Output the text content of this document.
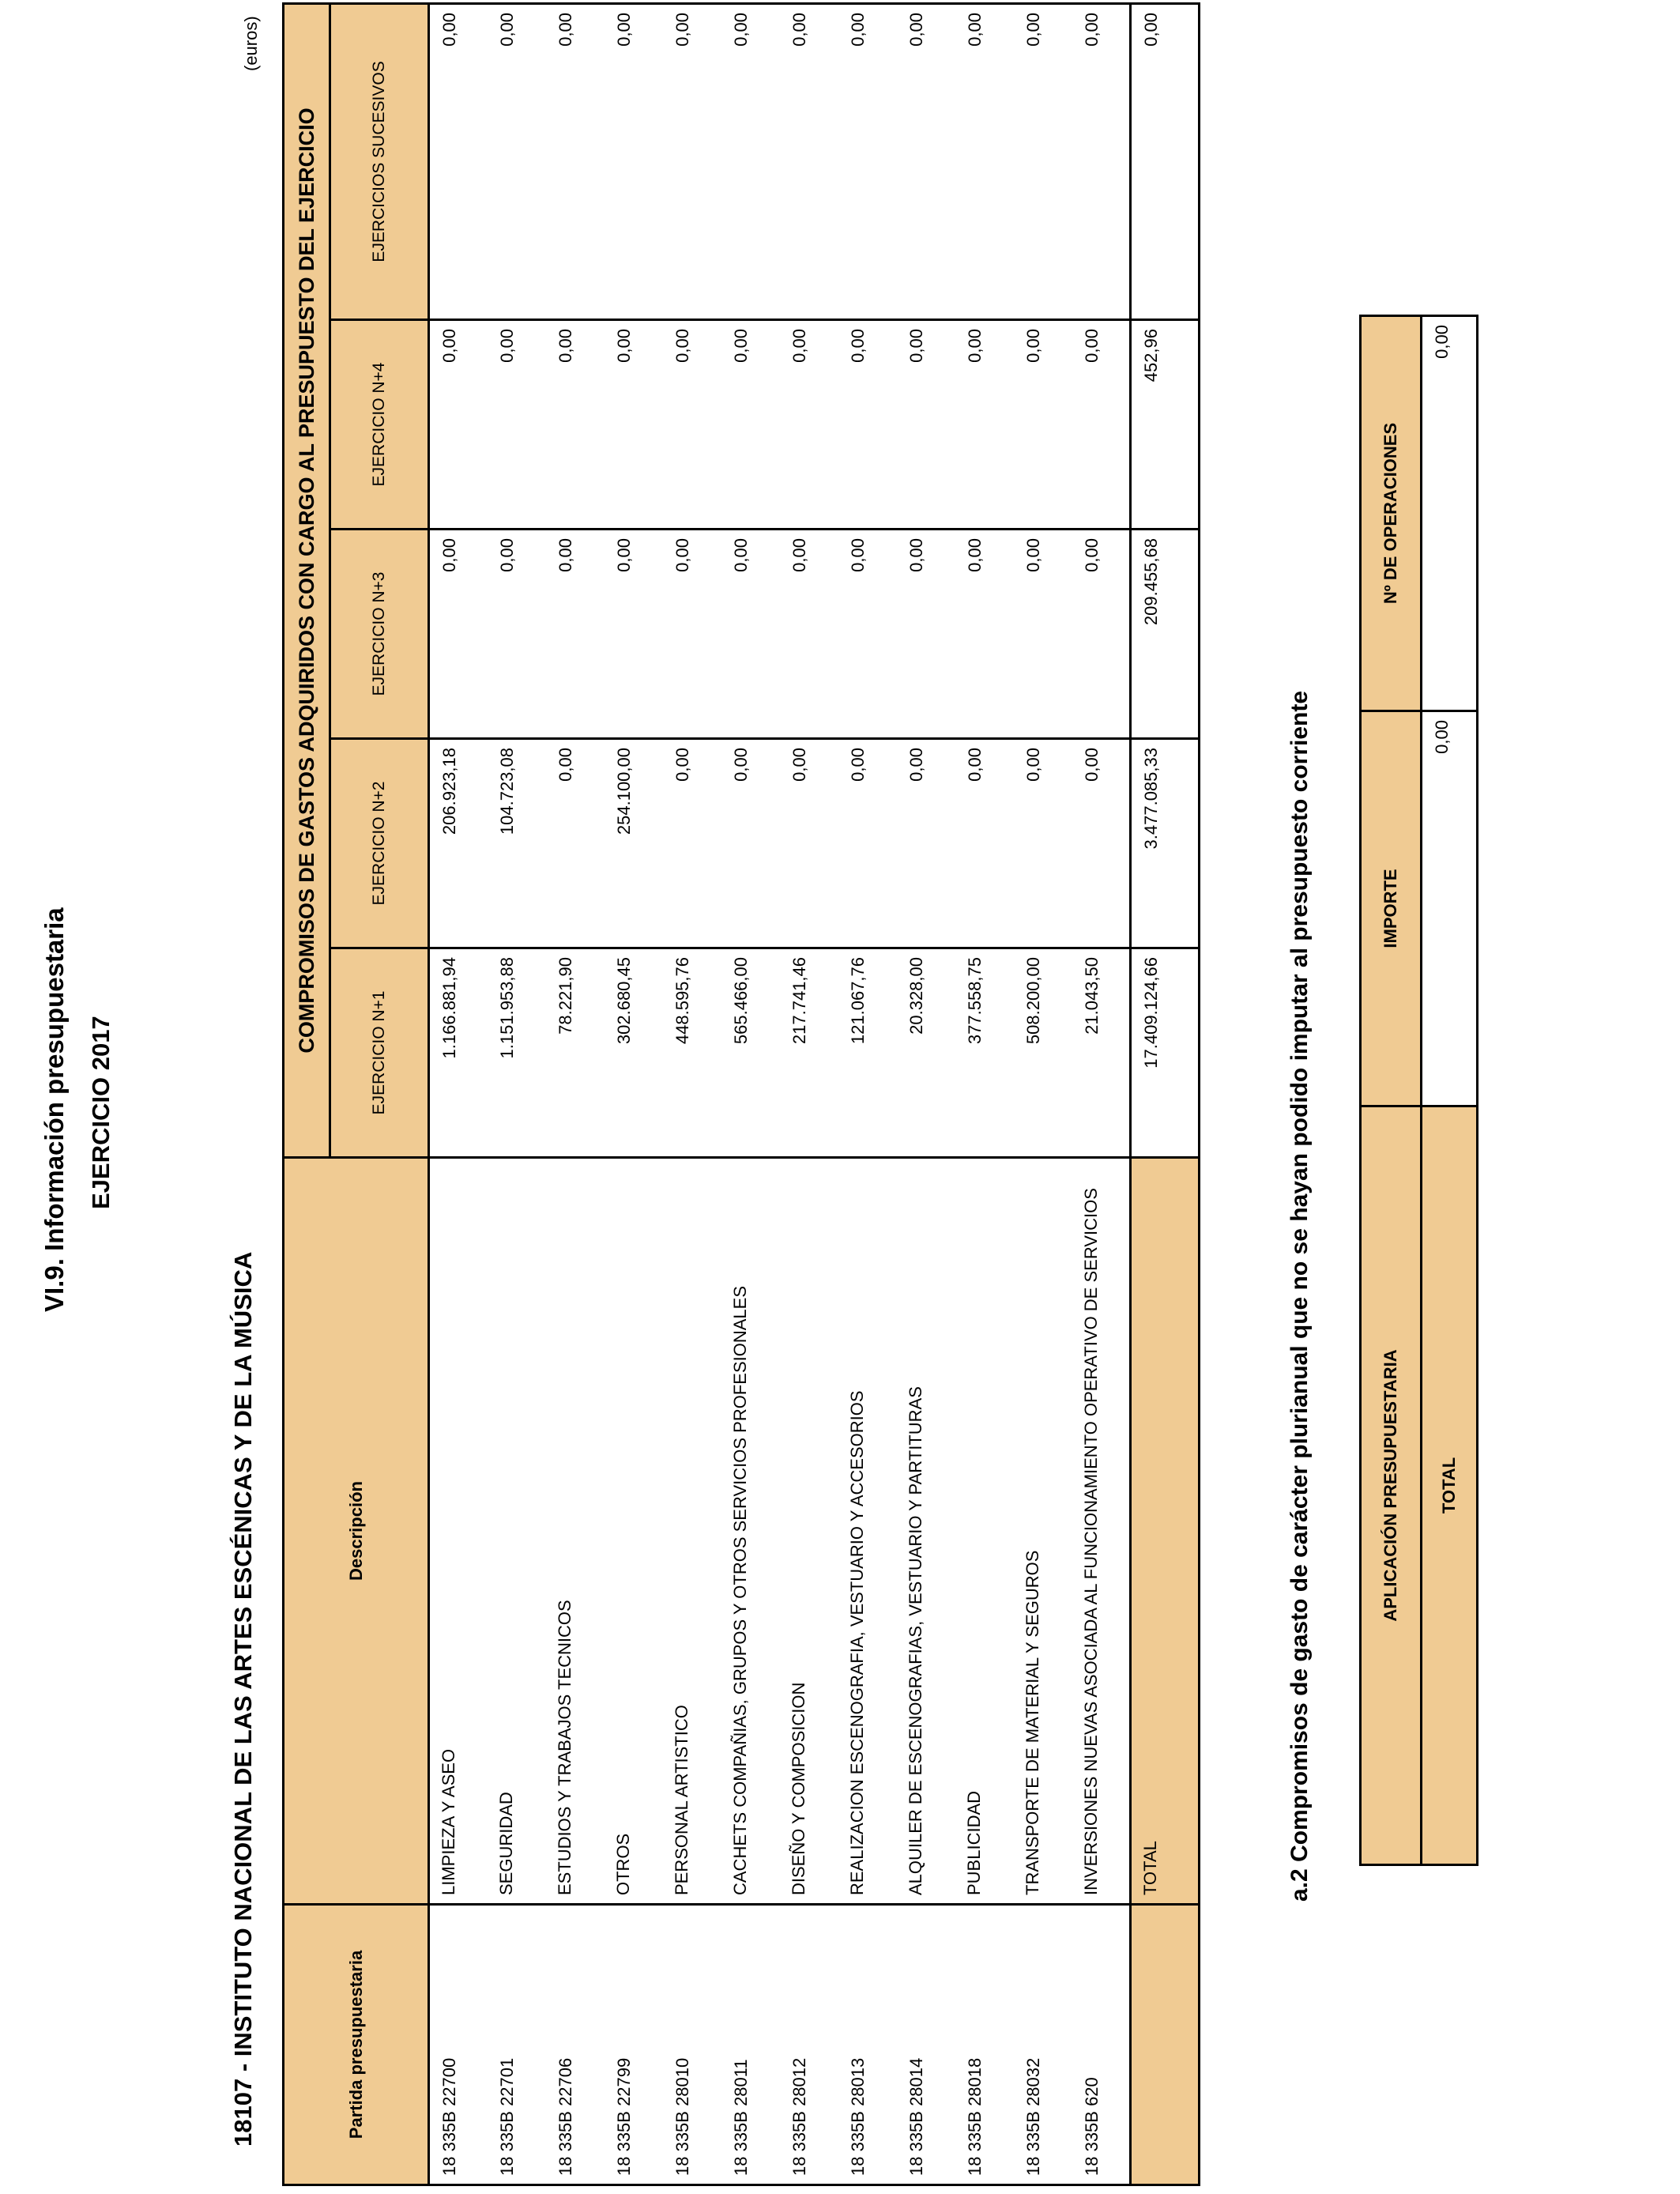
VI.9. Información presupuestaria EJERCICIO 2017
18107 - INSTITUTO NACIONAL DE LAS ARTES ESCÉNICAS Y DE LA MÚSICA
(euros)
Partida presupuestaria	Descripción	COMPROMISOS DE GASTOS ADQUIRIDOS CON CARGO AL PRESUPUESTO DEL EJERCICIO				
		EJERCICIO N+1	EJERCICIO N+2	EJERCICIO N+3	EJERCICIO N+4	EJERCICIOS SUCESIVOS
18 335B 22700	LIMPIEZA Y ASEO	1.166.881,94	206.923,18	0,00	0,00	0,00
18 335B 22701	SEGURIDAD	1.151.953,88	104.723,08	0,00	0,00	0,00
18 335B 22706	ESTUDIOS Y TRABAJOS TECNICOS	78.221,90	0,00	0,00	0,00	0,00
18 335B 22799	OTROS	302.680,45	254.100,00	0,00	0,00	0,00
18 335B 28010	PERSONAL ARTISTICO	448.595,76	0,00	0,00	0,00	0,00
18 335B 28011	CACHETS COMPAÑIAS, GRUPOS Y OTROS SERVICIOS PROFESIONALES	565.466,00	0,00	0,00	0,00	0,00
18 335B 28012	DISEÑO Y COMPOSICION	217.741,46	0,00	0,00	0,00	0,00
18 335B 28013	REALIZACION ESCENOGRAFIA, VESTUARIO Y ACCESORIOS	121.067,76	0,00	0,00	0,00	0,00
18 335B 28014	ALQUILER DE ESCENOGRAFIAS, VESTUARIO Y PARTITURAS	20.328,00	0,00	0,00	0,00	0,00
18 335B 28018	PUBLICIDAD	377.558,75	0,00	0,00	0,00	0,00
18 335B 28032	TRANSPORTE DE MATERIAL Y SEGUROS	508.200,00	0,00	0,00	0,00	0,00
18 335B 620	INVERSIONES NUEVAS ASOCIADA AL FUNCIONAMIENTO OPERATIVO DE SERVICIOS	21.043,50	0,00	0,00	0,00	0,00
	TOTAL	17.409.124,66	3.477.085,33	209.455,68	452,96	0,00
a.2 Compromisos de gasto de carácter plurianual que no se hayan podido imputar al presupuesto corriente	APLICACIÓN PRESUPUESTARIA	IMPORTE	Nº DE OPERACIONES
TOTAL	0,00	0,00
